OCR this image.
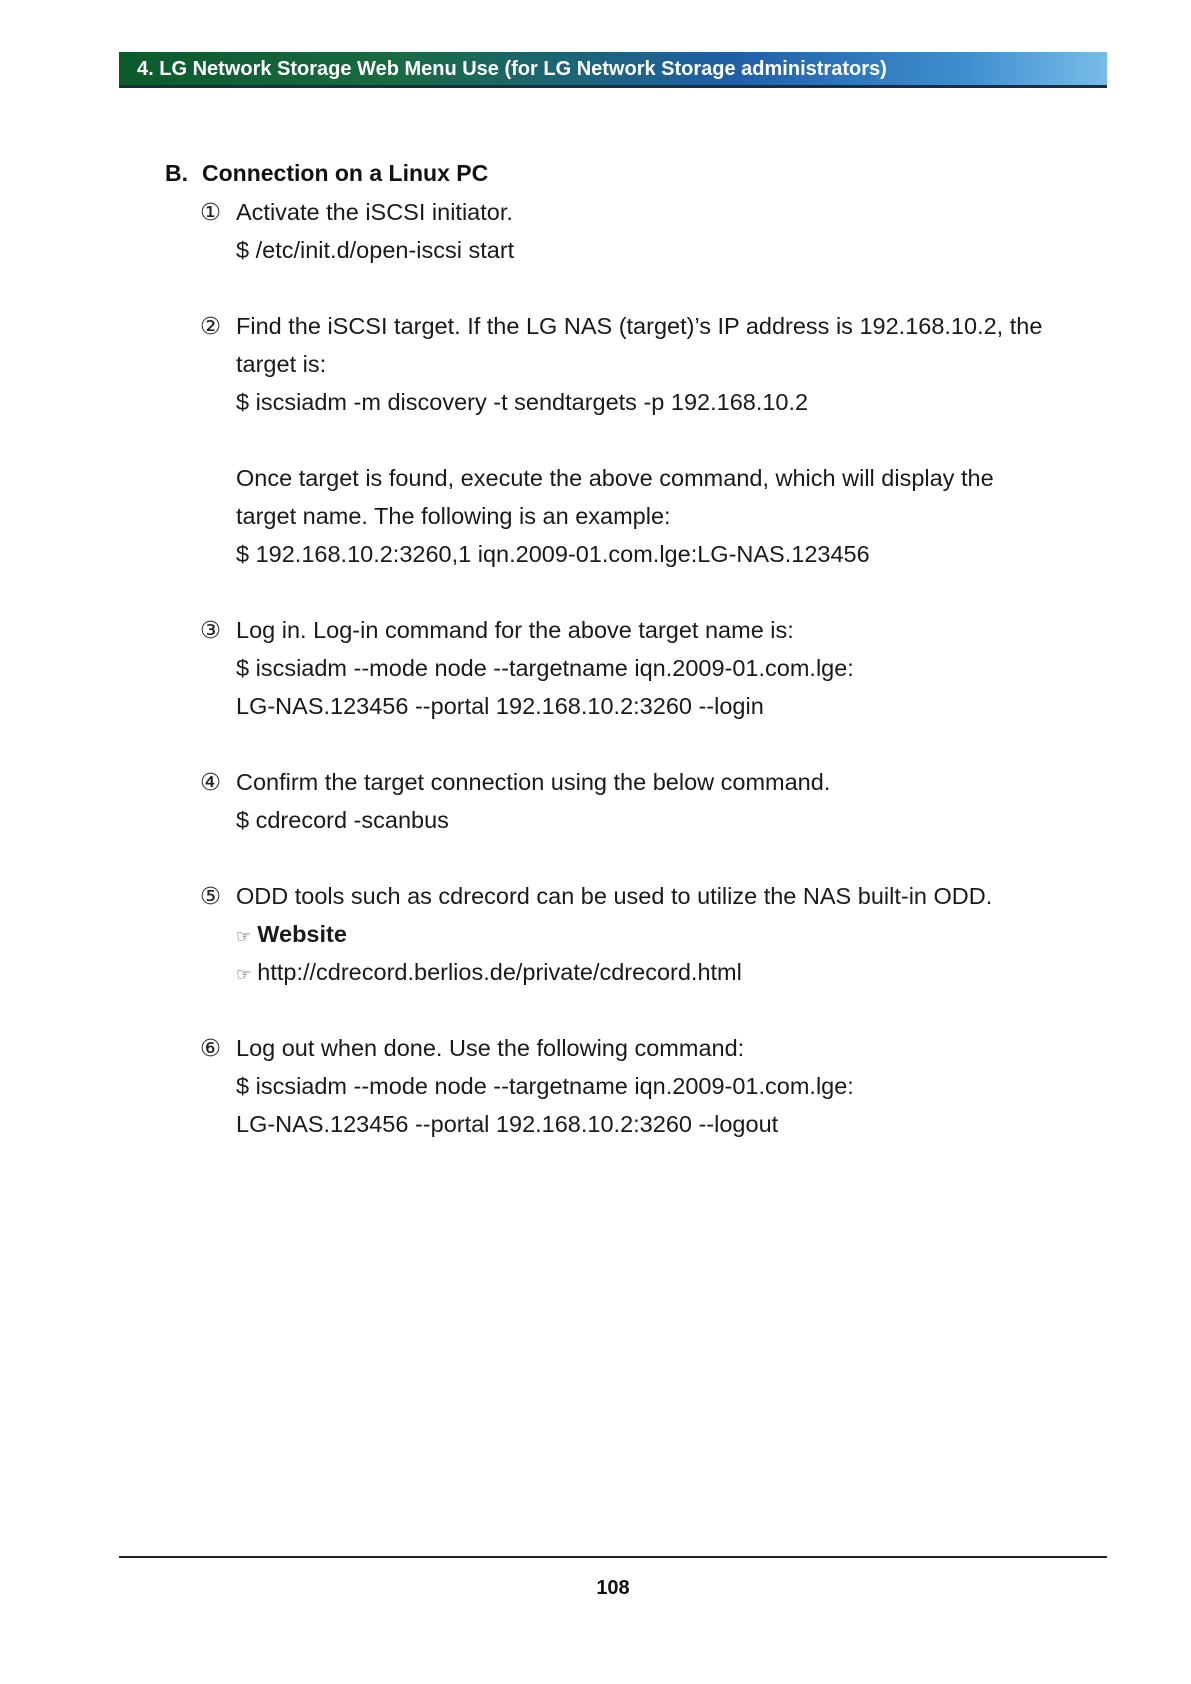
4. LG Network Storage Web Menu Use (for LG Network Storage administrators)
B. Connection on a Linux PC
① Activate the iSCSI initiator.
$ /etc/init.d/open-iscsi start
② Find the iSCSI target. If the LG NAS (target)’s IP address is 192.168.10.2, the
target is:
$ iscsiadm -m discovery -t sendtargets -p 192.168.10.2
Once target is found, execute the above command, which will display the
target name. The following is an example:
$ 192.168.10.2:3260,1 iqn.2009-01.com.lge:LG-NAS.123456
③ Log in. Log-in command for the above target name is:
$ iscsiadm --mode node --targetname iqn.2009-01.com.lge:
LG-NAS.123456 --portal 192.168.10.2:3260 --login
④ Confirm the target connection using the below command.
$ cdrecord -scanbus
⑤ ODD tools such as cdrecord can be used to utilize the NAS built-in ODD.
☞ Website
☞ http://cdrecord.berlios.de/private/cdrecord.html
⑥ Log out when done. Use the following command:
$ iscsiadm --mode node --targetname iqn.2009-01.com.lge:
LG-NAS.123456 --portal 192.168.10.2:3260 --logout
108
